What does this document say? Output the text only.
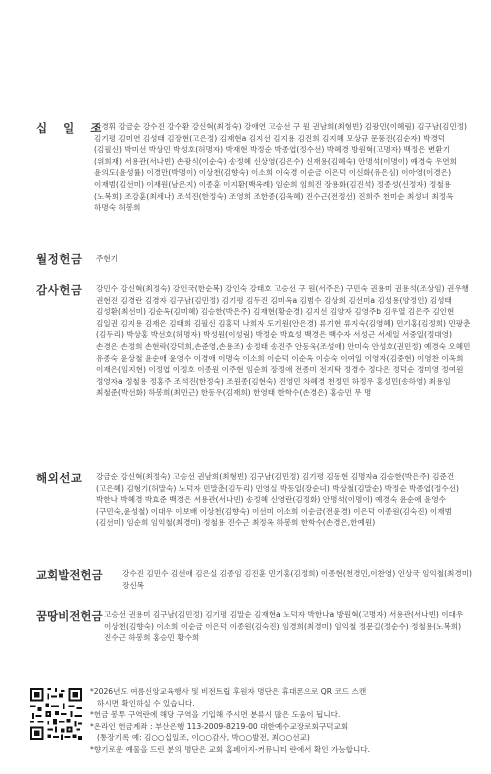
십 일 조
강경휘 강금순 강수진 강수환 강신혁(최정숙) 강애연 고승선 구 원 권남희(최형빈) 김광민(이혜림) 김구남(김민정) 김기평 김미연 김성태 김장현(고은정) 김재현a 김지선 김지용 김진희 김지혜 모상규 문풍진(김순자) 박경덕(김필신) 박미선 박상민 박성호(허명자) 박재현 박정순 박종엽(정수선) 박혜경 방원혁(고명자) 백정은 변환기(위희재) 서용관(서나빈) 손광식(이순숙) 송정혜 신상영(김은수) 신재용(김혜숙) 안명석(이명이) 예경숙 우연희 윤의도(윤성률) 이경만(박명이) 이상천(김향숙) 이소희 이숙경 이순금 이은덕 이신화(유은심) 이아영(이경은) 이재범(김선미) 이재원(남은지) 이종훈 이지환(백옥례) 임순희 임희진 장용화(김진석) 정종성(신정자) 정철용(노복희) 조강훈(최세나) 조석진(한정숙) 조영희 조한종(김옥혜) 진수근(전정선) 진희주 천미순 최성녀 최정옥 하명숙 허봉희
월정헌금	주현기
감사헌금	강민수 강신혁(최정숙) 강인국(한순복) 강인숙 강태호 고승선 구 원(서주은) 구민숙 권용미 권용석(조상임) 권우행 권현진 김경란 김경자 김구남(김민정) 김기평 김두진 김미옥a 김범수 김상희 김선미a 김성용(양정인) 김성태 김성환(최선미) 김순옥(김미혜) 김승한(박은주) 김재현(황순경) 김지선 김양자 김영주b 김우열 김은주 김인현 김일권 김지용 김재은 김태희 김필신 김홍덕 나희자 도기원(안은경) 류기현 류지숙(김영혜) 민기홍(김정희) 민팡춘(김두리) 박상홍 박선호(허명자) 박성원(이성림) 박정순 박효성 백경은 백수자 서성근 서세일 서중일(정대영) 손경은 손정희 손현락(강덕희,손준영,손용조) 송정태 송진주 안동욱(조성애) 안미숙 안성호(권민정) 예경숙 오혜민 유종숙 윤상철 윤순애 윤영수 이경애 이명숙 이소희 이순덕 이순옥 이승숙 이여일 이영자(김중현) 이영찬 이옥희 이재은(임지현) 이정엽 이정호 이종원 이주현 임순희 장정애 전종미 전지탁 정경수 정다은 정덕순 정미영 정여원 정영자a 정철용 정홍주 조석진(한정숙) 조원종(김현숙) 진영민 차혜경 천정민 하정우 홍성민(송하영) 최용임 최철준(박선화) 하봉희(최민근) 한동우(김재희) 한영태 한학수(손경은) 홍승민 무 명
해외선교	강금순 강신혁(최정숙) 고승선 권남희(최형빈) 김구남(김민정) 김기평 김동현 김명자a 김승한(박은주) 김준건(고은혜) 김형기(허말숙) 노덕자 민말춘(김두리) 민영실 박동일(장순녀) 박상철(김말순) 박정순 박종엽(정수선) 박한나 박혜경 박효준 백경은 서용관(서나빈) 송정혜 신영란(김정화) 안명석(이명이) 예경숙 윤순애 윤영수(구민숙,윤성철) 이대우 이보배 이상천(김향숙) 이선미 이소희 이순금(전윤경) 이은덕 이종원(김숙진) 이재범(김선미) 임순희 임익철(최경미) 정철용 진수근 최정옥 하봉희 한학수(손경은,한예원)
교회발전헌금	강수진 김민수 김선애 김은실 김종임 김진훈 민기홍(김정희) 이종현(천경민,이찬영) 인상국 임익철(최경미) 장신복
꿈땅비전헌금 고승선 권용미 김구남(김민정) 김기평 김말순 김재현a 노덕자 박한나a 방원혁(고명자) 서용관(서나빈) 이대우 이상천(김향숙) 이소희 이순금 이은덕 이종원(김숙진) 임경희(최경미) 임익철 정문길(정순수) 정철용(노복희) 진수근 하봉희 홍승민 황수희
*2026년도 여름신앙교육행사 및 비전트립 후원자 명단은 휴대폰으로 QR 코드 스캔
하시면 확인하실 수 있습니다.
*헌금 봉투 구역란에 해당 구역을 기입해 주시면 분류시 많은 도움이 됩니다.
*온라인 헌금계좌 : 부산은행 113-2009-8219-00 대한예수교장로회구덕교회
(통장기록 예: 김○○십일조, 이○○감사, 박○○발전, 최○○선교)
*향기로운 예물을 드린 분의 명단은 교회 홈페이지-커뮤니티 란에서 확인 가능합니다.
